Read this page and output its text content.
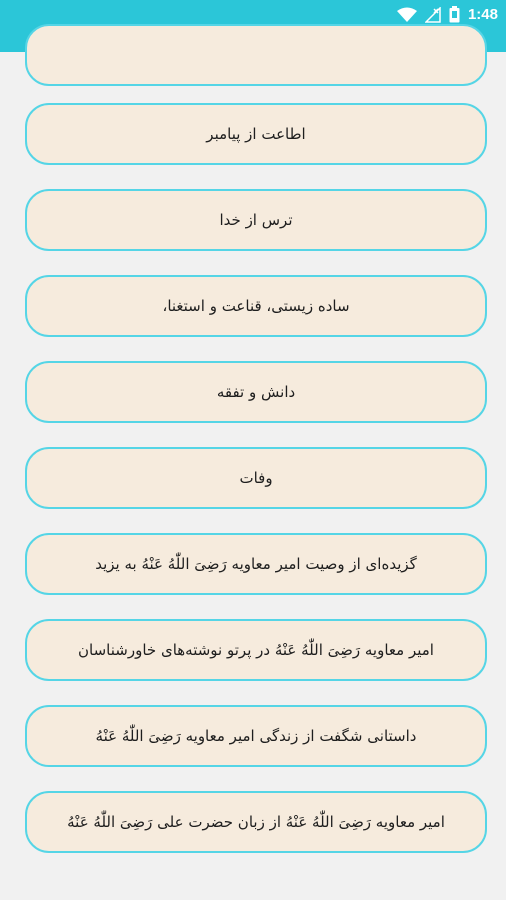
1:48
اطاعت از پیامبر
ترس از خدا
ساده زیستی، قناعت و استغنا،
دانش و تفقه
وفات
گزیده‌ای از وصیت امیر معاویه رَضِیَ اللّٰهُ عَنْهُ به یزید
امیر معاویه رَضِیَ اللّٰهُ عَنْهُ در پرتو نوشته‌های خاورشناسان
داستانی شگفت از زندگی امیر معاویه رَضِیَ اللّٰهُ عَنْهُ
امیر معاویه رَضِیَ اللّٰهُ عَنْهُ از زبان حضرت علی رَضِیَ اللّٰهُ عَنْهُ
